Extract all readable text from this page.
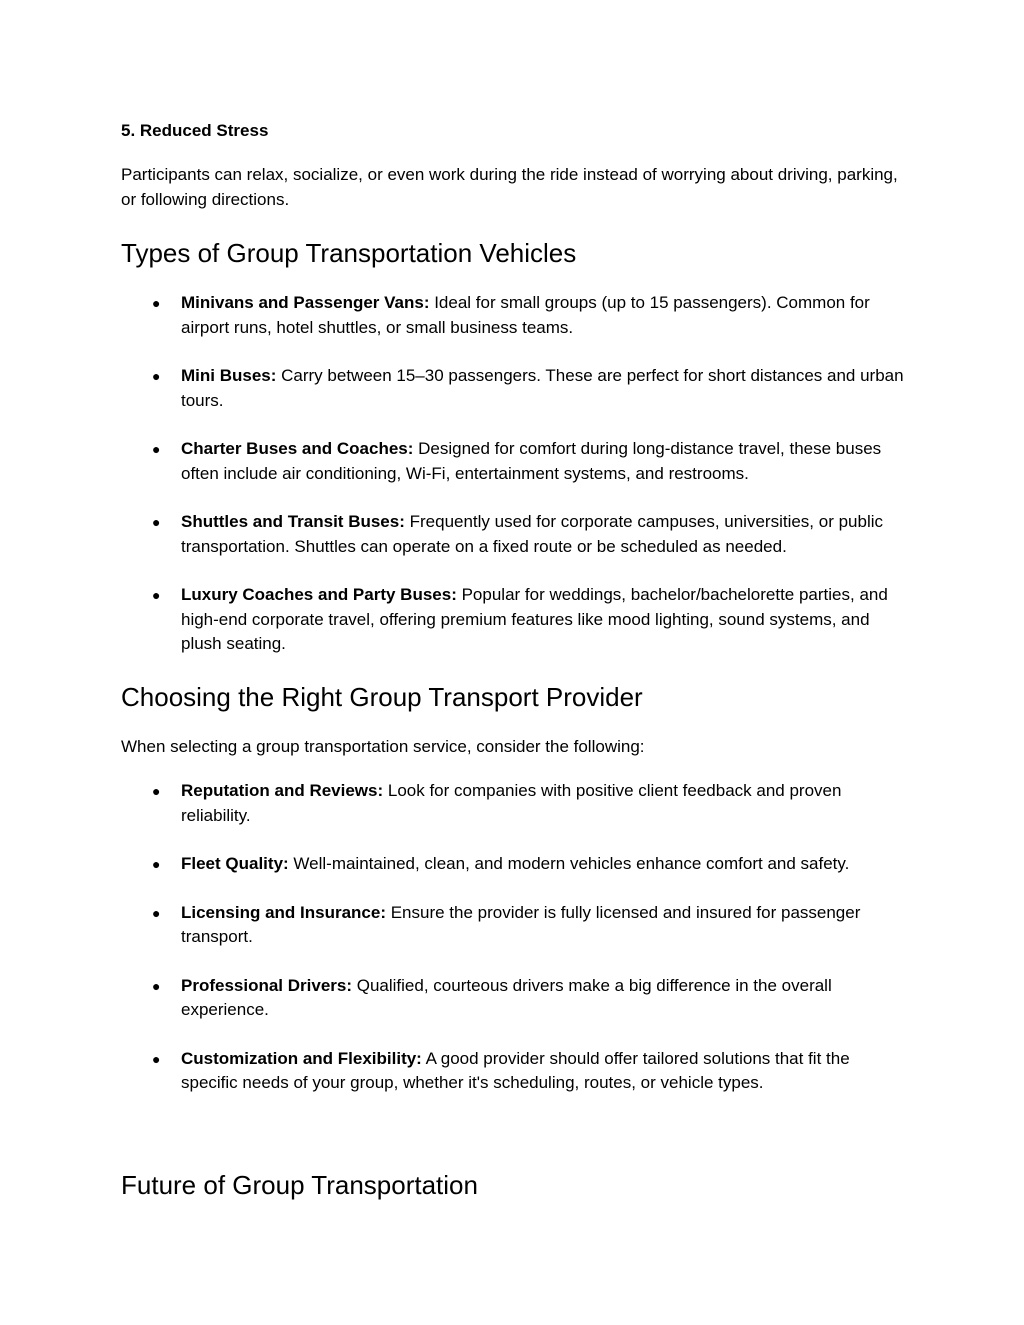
5. Reduced Stress

Participants can relax, socialize, or even work during the ride instead of worrying about driving, parking, or following directions.

Types of Group Transportation Vehicles
● Minivans and Passenger Vans: Ideal for small groups (up to 15 passengers). Common for airport runs, hotel shuttles, or small business teams.
● Mini Buses: Carry between 15–30 passengers. These are perfect for short distances and urban tours.
● Charter Buses and Coaches: Designed for comfort during long-distance travel, these buses often include air conditioning, Wi-Fi, entertainment systems, and restrooms.
● Shuttles and Transit Buses: Frequently used for corporate campuses, universities, or public transportation. Shuttles can operate on a fixed route or be scheduled as needed.
● Luxury Coaches and Party Buses: Popular for weddings, bachelor/bachelorette parties, and high-end corporate travel, offering premium features like mood lighting, sound systems, and plush seating.
Choosing the Right Group Transport Provider

When selecting a group transportation service, consider the following:

● Reputation and Reviews: Look for companies with positive client feedback and proven reliability.
● Fleet Quality: Well-maintained, clean, and modern vehicles enhance comfort and safety.
● Licensing and Insurance: Ensure the provider is fully licensed and insured for passenger transport.
● Professional Drivers: Qualified, courteous drivers make a big difference in the overall experience.
● Customization and Flexibility: A good provider should offer tailored solutions that fit the specific needs of your group, whether it's scheduling, routes, or vehicle types.
Future of Group Transportation
